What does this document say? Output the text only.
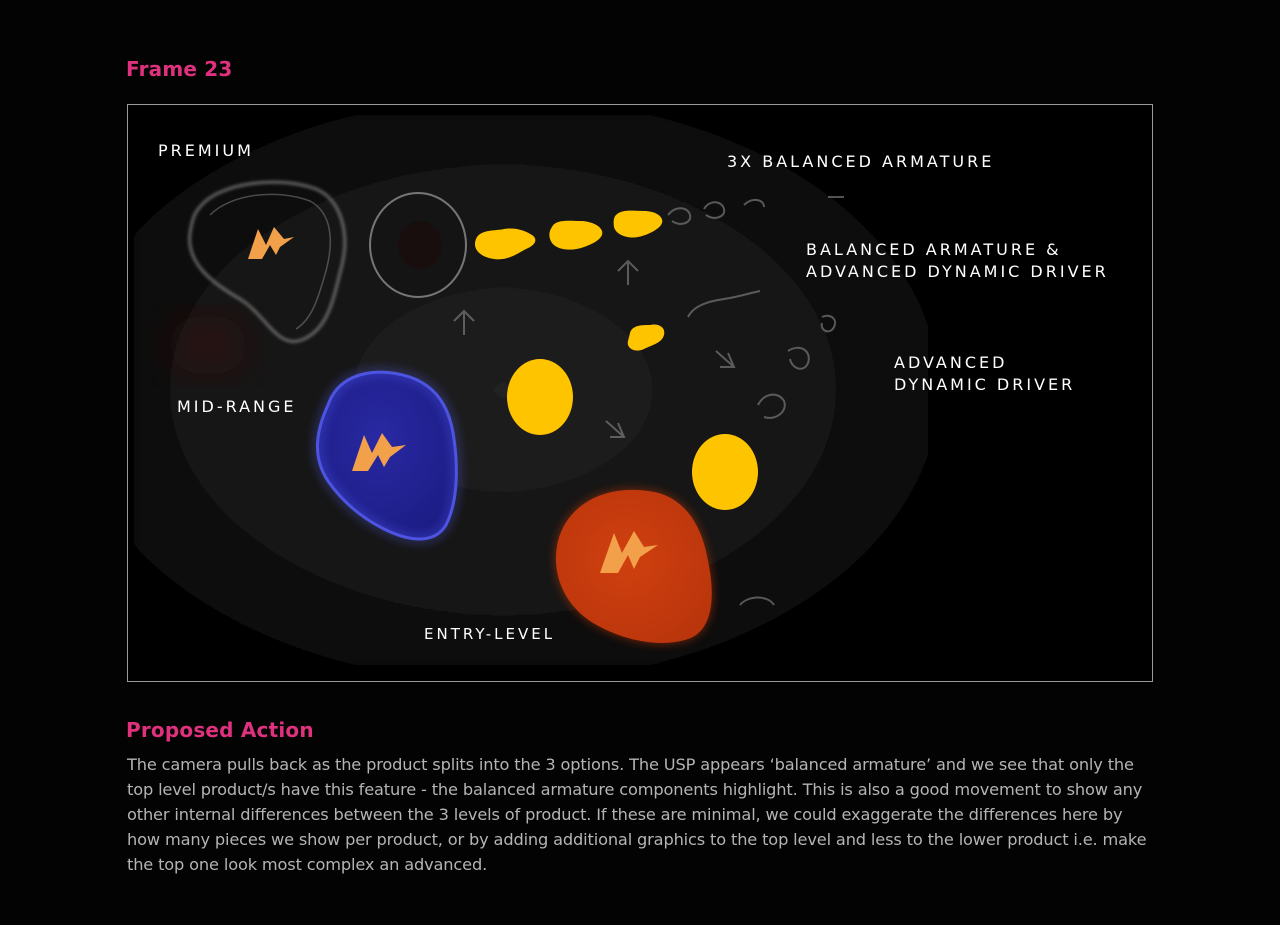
Frame 23
PREMIUM
3X BALANCED ARMATURE
BALANCED ARMATURE &
ADVANCED DYNAMIC DRIVER
ADVANCED
DYNAMIC DRIVER
MID-RANGE
ENTRY-LEVEL
Proposed Action

The camera pulls back as the product splits into the 3 options. The USP appears ‘balanced armature’ and we see that only the top level product/s have this feature - the balanced armature components highlight. This is also a good movement to show any other internal differences between the 3 levels of product. If these are minimal, we could exaggerate the differences here by how many pieces we show per product, or by adding additional graphics to the top level and less to the lower product i.e. make the top one look most complex an advanced.
